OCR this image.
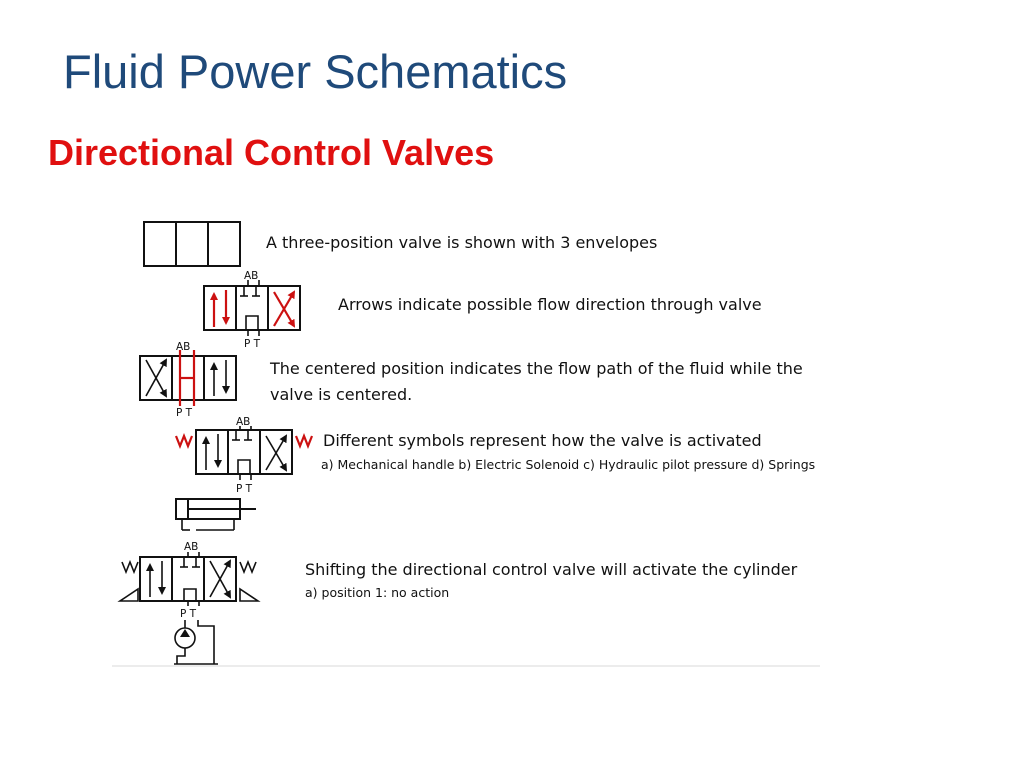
Fluid Power Schematics
Directional Control Valves
A three-position valve is shown with 3 envelopes
AB
P T
Arrows indicate possible flow direction through valve
AB
P T
The centered position indicates the flow path of the fluid while the
valve is centered.
AB
P T
Different symbols represent how the valve is activated
a) Mechanical handle b) Electric Solenoid c) Hydraulic pilot pressure d) Springs
AB
P T
Shifting the directional control valve will activate the cylinder
a) position 1: no action
